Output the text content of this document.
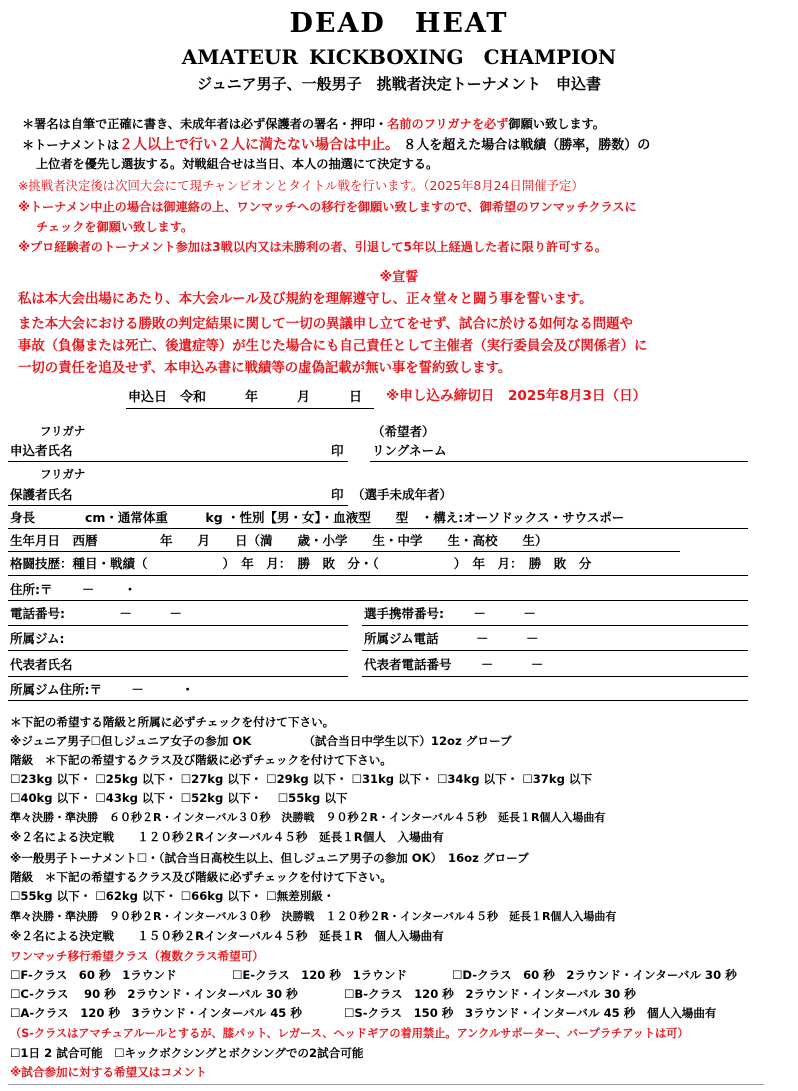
DEAD　HEAT
AMATEUR KICKBOXING　CHAMPION
ジュニア男子、一般男子　挑戦者決定トーナメント　申込書
＊署名は自筆で正確に書き、未成年者は必ず保護者の署名・押印・名前のフリガナを必ず御願い致します。
＊トーナメントは２人以上で行い２人に満たない場合は中止。 ８人を超えた場合は戦績（勝率，勝数）の
上位者を優先し選抜する。対戦組合せは当日、本人の抽選にて決定する。
※挑戦者決定後は次回大会にて現チャンピオンとタイトル戦を行います。（2025年8月24日開催予定）
※トーナメン中止の場合は御連絡の上、ワンマッチへの移行を御願い致しますので、御希望のワンマッチクラスに
チェックを御願い致します。
※プロ経験者のトーナメント参加は3戦以内又は未勝利の者、引退して5年以上経過した者に限り許可する。
※宣誓
私は本大会出場にあたり、本大会ルール及び規約を理解遵守し、正々堂々と闘う事を誓います。
また本大会における勝敗の判定結果に関して一切の異議申し立てをせず、試合に於ける如何なる問題や
事故（負傷または死亡、後遺症等）が生じた場合にも自己責任として主催者（実行委員会及び関係者）に
一切の責任を追及せず、本申込み書に戦績等の虚偽記載が無い事を誓約致します。
申込日　令和　　　年　　　月　　　日 ※申し込み締切日　2025年8月3日（日）
フリガナ	（希望者）
申込者氏名	印 リングネーム
フリガナ
保護者氏名	印 （選手未成年者）
身長　　　　cm・通常体重　　　kg ・性別【男・女】・血液型　　型　・構え:オーソドックス・サウスポー
生年月日　西暦　　　　　年　　月　　日（満　　歳・小学　　生・中学　　生・高校　　生）
格闘技歴：種目・戦績（　　　　　　）　年　月：　勝　敗　分・（　　　　　　）　年　月：　勝　敗　分
住所:〒　　 －　　 ・
電話番号:　　　　 －　　　－	選手携帯番号:　　 －　　　－
所属ジム:	所属ジム電話　　　－　　　－
代表者氏名	代表者電話番号　　 －　　　－
所属ジム住所:〒　　 －　　　・
＊下記の希望する階級と所属に必ずチェックを付けて下さい。
※ジュニア男子☐但しジュニア女子の参加 OK　　　　　（試合当日中学生以下）12oz グローブ
階級　＊下記の希望するクラス及び階級に必ずチェックを付けて下さい。
☐23kg 以下・ ☐25kg 以下・ ☐27kg 以下・ ☐29kg 以下・ ☐31kg 以下・ ☐34kg 以下・ ☐37kg 以下
☐40kg 以下・ ☐43kg 以下・ ☐52kg 以下・　 ☐55kg 以下
準々決勝・準決勝　６０秒２R・インターバル３０秒　決勝戦　９０秒２R・インターバル４５秒　延長１R個人入場曲有
※２名による決定戦　　１２０秒２Rインターバル４５秒　延長１R個人　入場曲有
※一般男子トーナメント☐・（試合当日高校生以上、但しジュニア男子の参加 OK）　16oz グローブ
階級　＊下記の希望するクラス及び階級に必ずチェックを付けて下さい。
☐55kg 以下・ ☐62kg 以下・ ☐66kg 以下・ ☐無差別級・
準々決勝・準決勝　９０秒２R・インターバル３０秒　決勝戦　１２０秒２R・インターバル４５秒　延長１R個人入場曲有
※２名による決定戦　　１５０秒２Rインターバル４５秒　延長１R　個人入場曲有
ワンマッチ移行希望クラス（複数クラス希望可）
☐F-クラス　60 秒　1ラウンド	☐E-クラス　120 秒　1ラウンド	☐D-クラス　60 秒　2ラウンド・インターバル 30 秒
☐C-クラス　 90 秒　2ラウンド・インターバル 30 秒	☐B-クラス　120 秒　2ラウンド・インターバル 30 秒
☐A-クラス　120 秒　3ラウンド・インターバル 45 秒	☐S-クラス　150 秒　3ラウンド・インターバル 45 秒　個人入場曲有
（S-クラスはアマチュアルールとするが、膝パット、レガース、ヘッドギアの着用禁止。アンクルサポーター、バープラチアットは可）
☐1日 2 試合可能　☐キックボクシングとボクシングでの2試合可能
※試合参加に対する希望又はコメント
